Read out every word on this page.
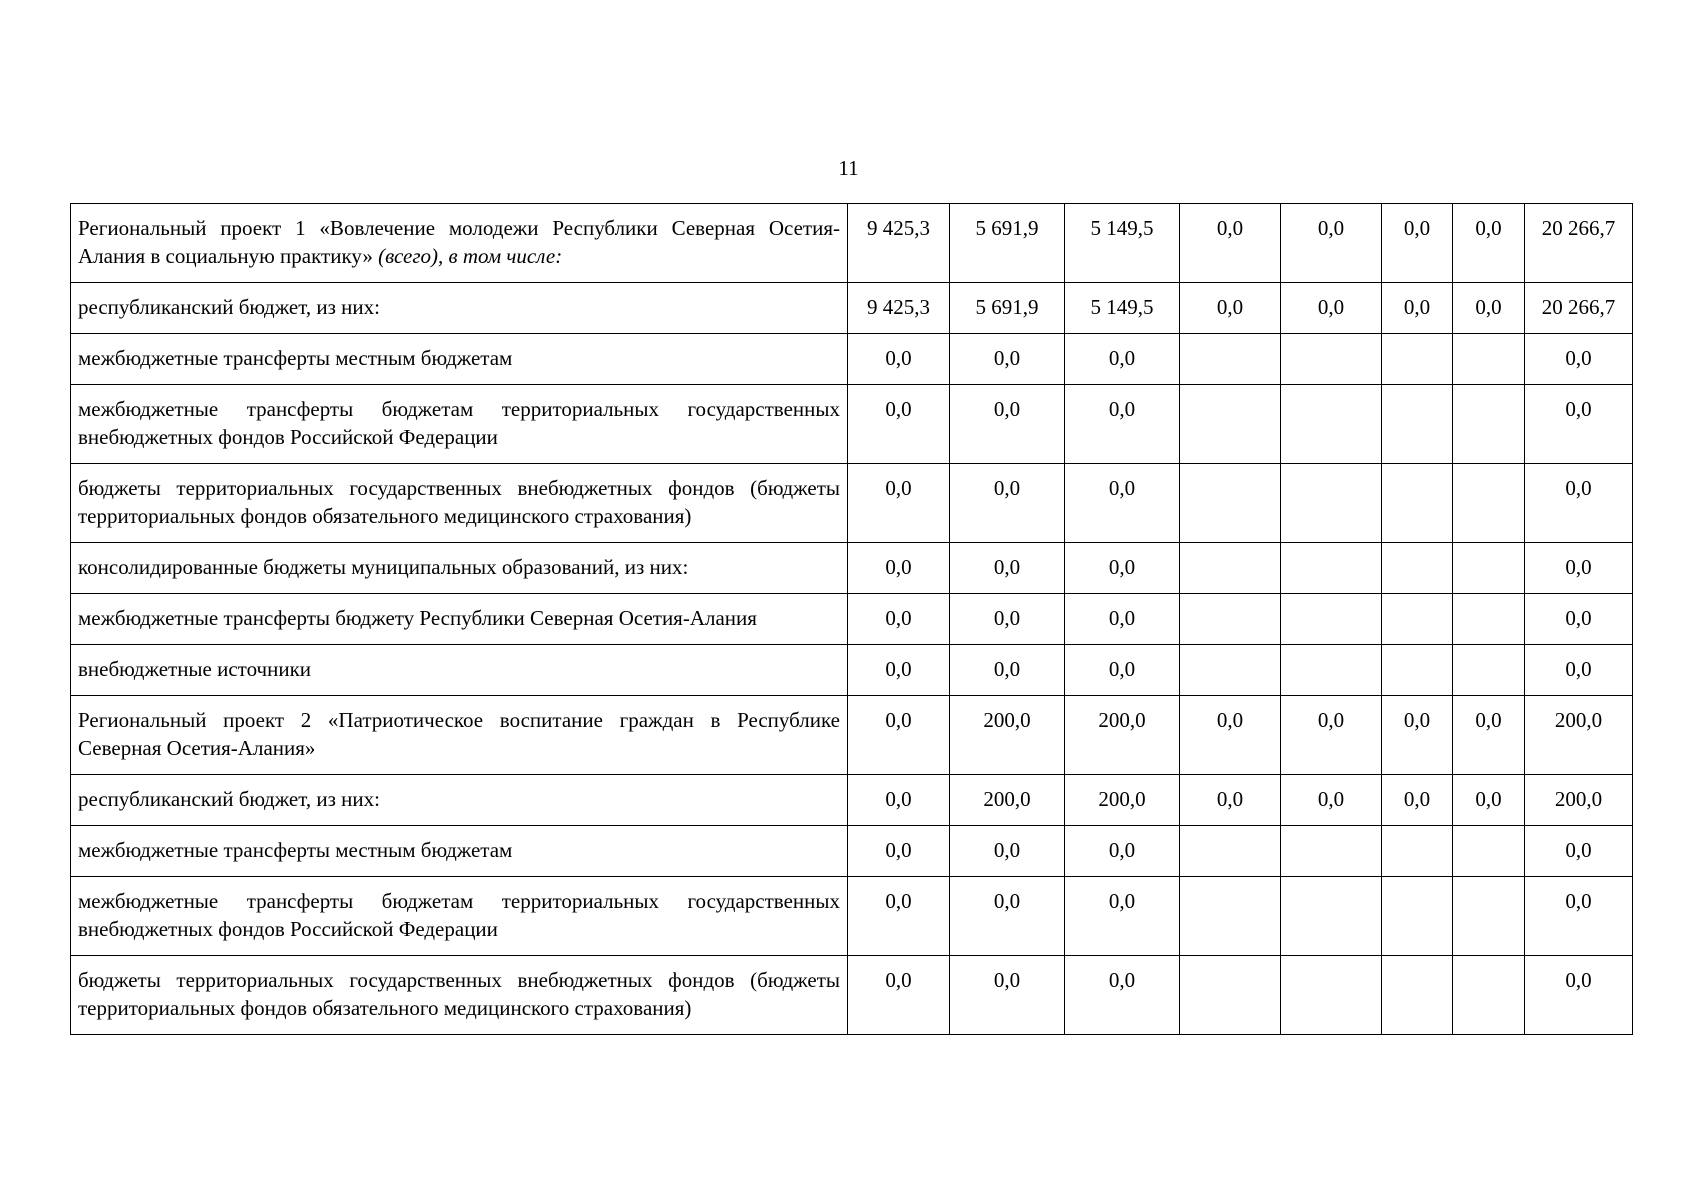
11
Региональный проект 1 «Вовлечение молодежи Республики Северная Осетия-Алания в социальную практику» (всего), в том числе:	9 425,3	5 691,9	5 149,5	0,0	0,0	0,0	0,0	20 266,7
республиканский бюджет, из них:	9 425,3	5 691,9	5 149,5	0,0	0,0	0,0	0,0	20 266,7
межбюджетные трансферты местным бюджетам	0,0	0,0	0,0					0,0
межбюджетные трансферты бюджетам территориальных государственных внебюджетных фондов Российской Федерации	0,0	0,0	0,0					0,0
бюджеты территориальных государственных внебюджетных фондов (бюджеты территориальных фондов обязательного медицинского страхования)	0,0	0,0	0,0					0,0
консолидированные бюджеты муниципальных образований, из них:	0,0	0,0	0,0					0,0
межбюджетные трансферты бюджету Республики Северная Осетия-Алания	0,0	0,0	0,0					0,0
внебюджетные источники	0,0	0,0	0,0					0,0
Региональный проект 2 «Патриотическое воспитание граждан в Республике Северная Осетия-Алания»	0,0	200,0	200,0	0,0	0,0	0,0	0,0	200,0
республиканский бюджет, из них:	0,0	200,0	200,0	0,0	0,0	0,0	0,0	200,0
межбюджетные трансферты местным бюджетам	0,0	0,0	0,0					0,0
межбюджетные трансферты бюджетам территориальных государственных внебюджетных фондов Российской Федерации	0,0	0,0	0,0					0,0
бюджеты территориальных государственных внебюджетных фондов (бюджеты территориальных фондов обязательного медицинского страхования)	0,0	0,0	0,0					0,0
